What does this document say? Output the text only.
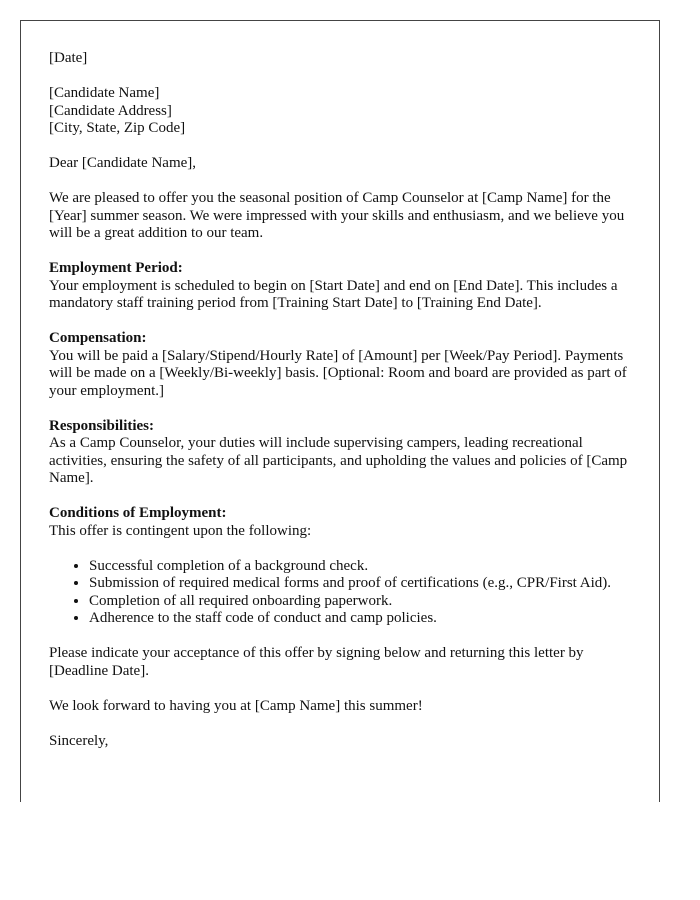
[Date]

[Candidate Name]
[Candidate Address]
[City, State, Zip Code]

Dear [Candidate Name],

We are pleased to offer you the seasonal position of Camp Counselor at [Camp Name] for the [Year] summer season. We were impressed with your skills and enthusiasm, and we believe you will be a great addition to our team.

Employment Period:
Your employment is scheduled to begin on [Start Date] and end on [End Date]. This includes a mandatory staff training period from [Training Start Date] to [Training End Date].

Compensation:
You will be paid a [Salary/Stipend/Hourly Rate] of [Amount] per [Week/Pay Period]. Payments will be made on a [Weekly/Bi-weekly] basis. [Optional: Room and board are provided as part of your employment.]

Responsibilities:
As a Camp Counselor, your duties will include supervising campers, leading recreational activities, ensuring the safety of all participants, and upholding the values and policies of [Camp Name].

Conditions of Employment:
This offer is contingent upon the following:

• Successful completion of a background check.
• Submission of required medical forms and proof of certifications (e.g., CPR/First Aid).
• Completion of all required onboarding paperwork.
• Adherence to the staff code of conduct and camp policies.

Please indicate your acceptance of this offer by signing below and returning this letter by [Deadline Date].

We look forward to having you at [Camp Name] this summer!

Sincerely,
